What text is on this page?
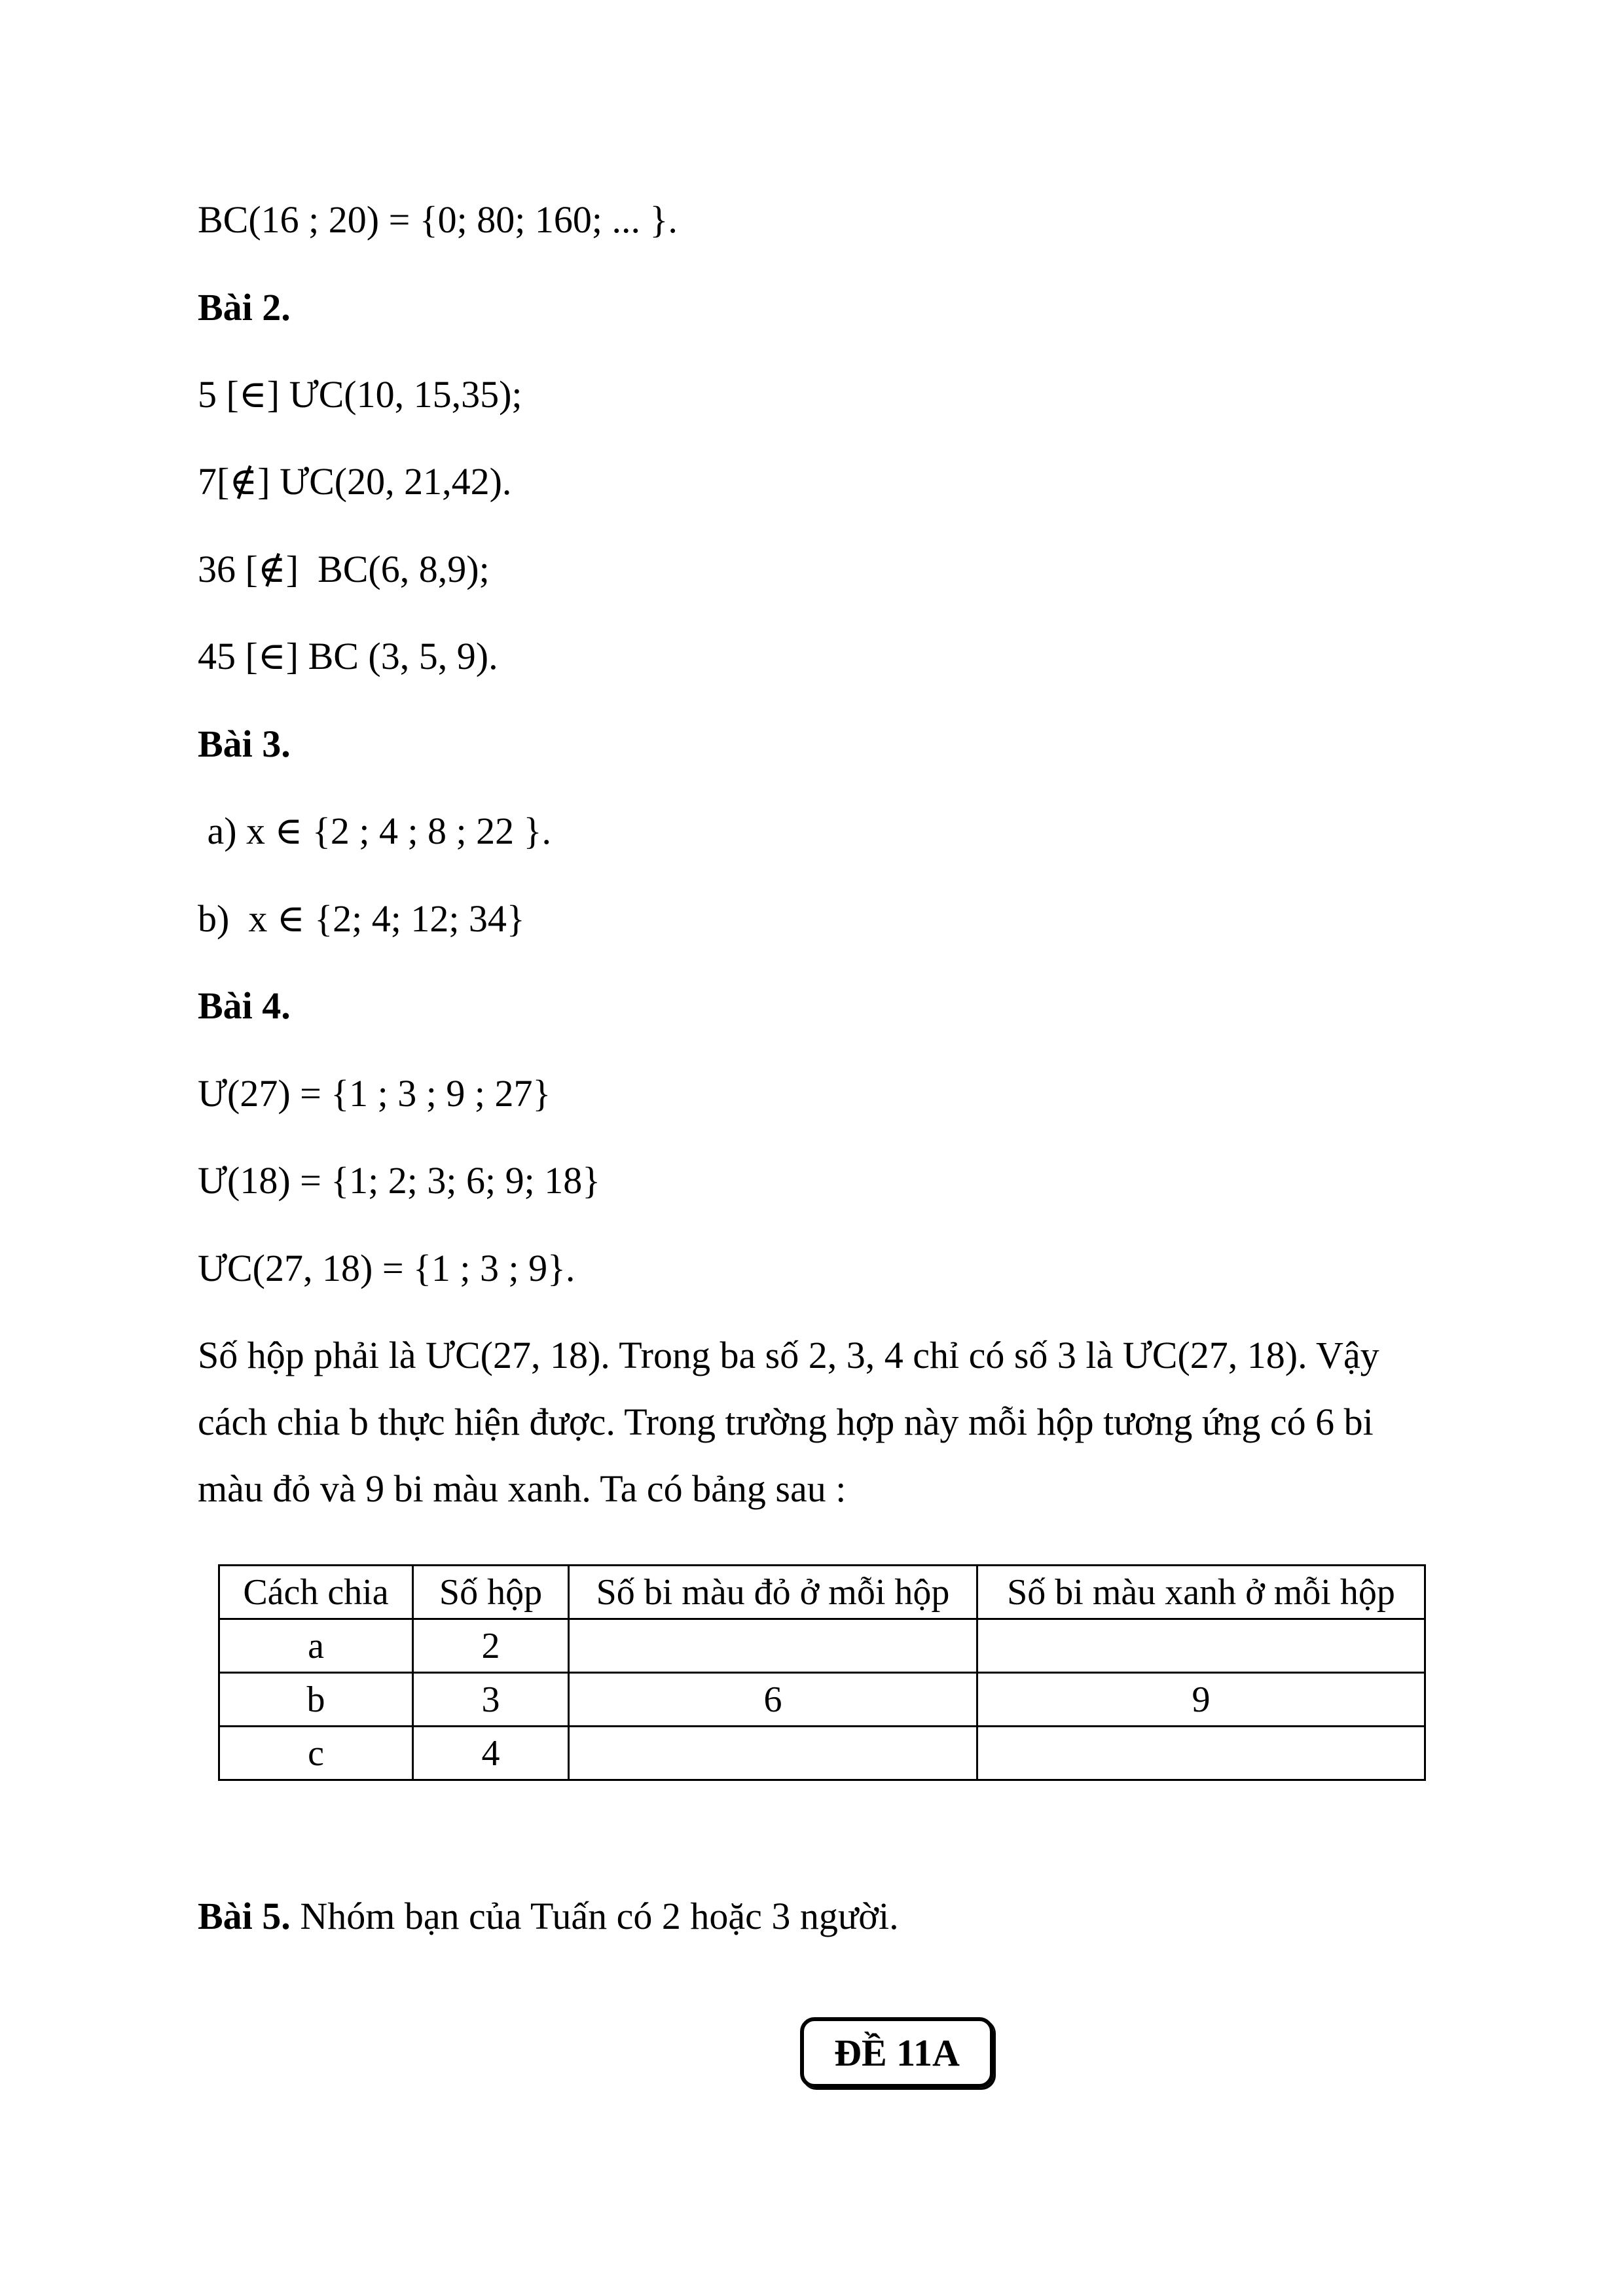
BC(16 ; 20) = {0; 80; 160; ... }.
Bài 2.
5 [∈] ƯC(10, 15,35);
7[∉] ƯC(20, 21,42).
36 [∉]  BC(6, 8,9);
45 [∈] BC (3, 5, 9).
Bài 3.
a) x ∈ {2 ; 4 ; 8 ; 22 }.
b)  x ∈ {2; 4; 12; 34}
Bài 4.
Ư(27) = {1 ; 3 ; 9 ; 27}
Ư(18) = {1; 2; 3; 6; 9; 18}
ƯC(27, 18) = {1 ; 3 ; 9}.
Số hộp phải là ƯC(27, 18). Trong ba số 2, 3, 4 chỉ có số 3 là ƯC(27, 18). Vậy
cách chia b thực hiện được. Trong trường hợp này mỗi hộp tương ứng có 6 bi
màu đỏ và 9 bi màu xanh. Ta có bảng sau :
Cách chia	Số hộp	Số bi màu đỏ ở mỗi hộp	Số bi màu xanh ở mỗi hộp
a	2		
b	3	6	9
c	4		
Bài 5. Nhóm bạn của Tuấn có 2 hoặc 3 người.
ĐỀ 11A
